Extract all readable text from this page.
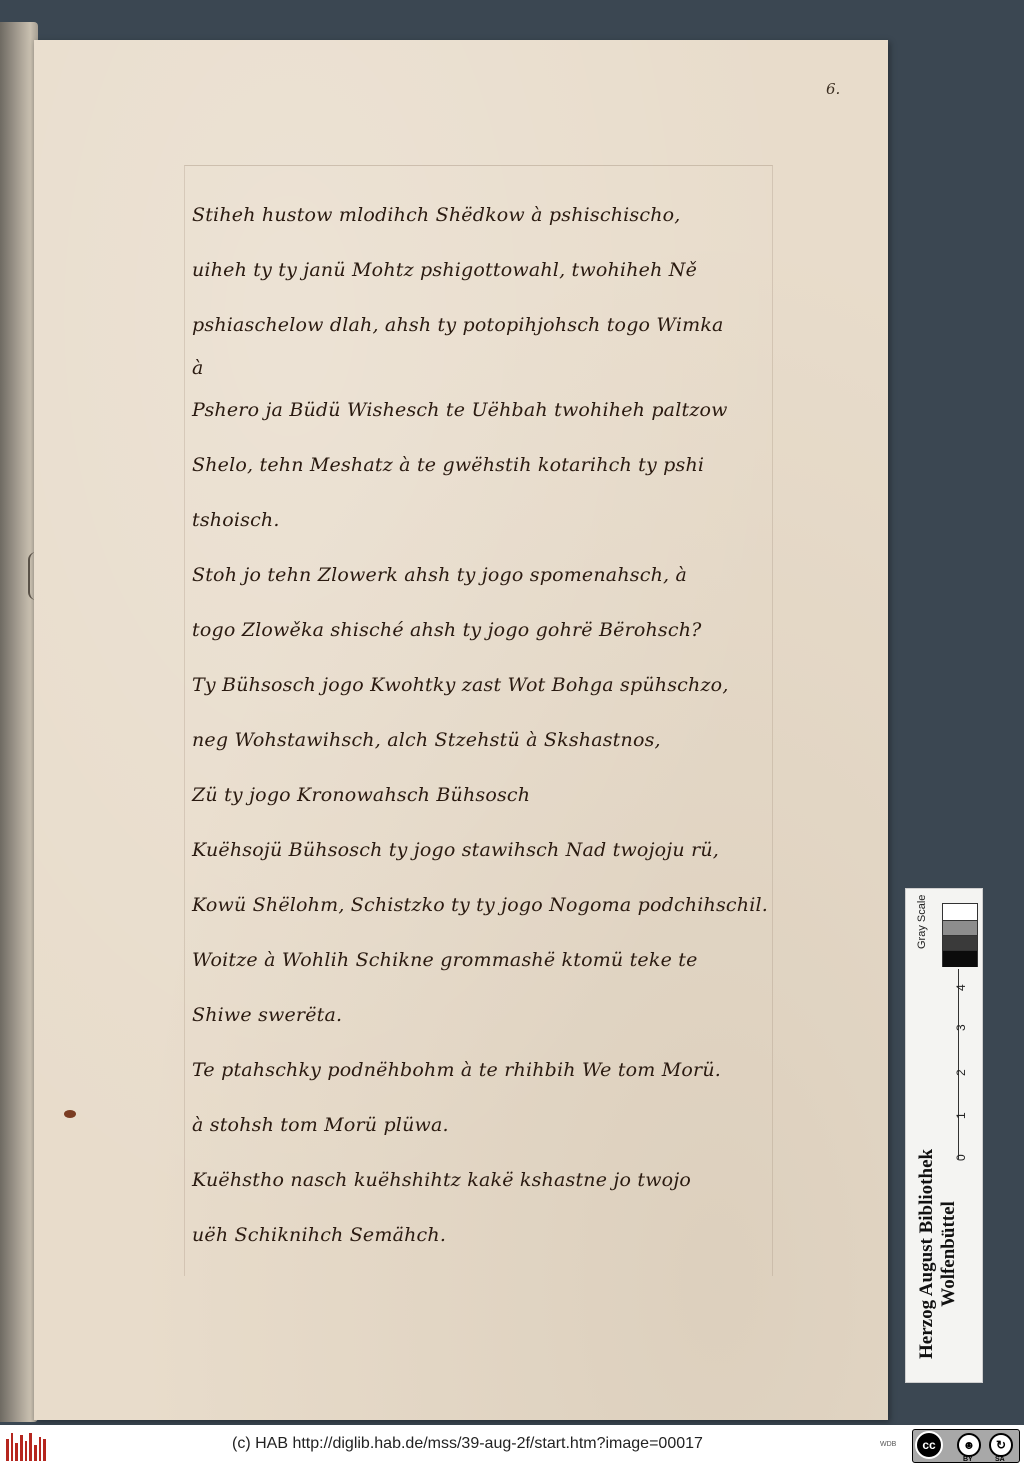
6.
Stiheh hustow mlodihch Shëdkow à pshischischo,
uiheh ty ty janü Mohtz pshigottowahl, twohiheh Ně
pshiaschelow dlah, ahsh ty potopihjohsch togo Wimka
à
Pshero ja Büdü Wishesch te Uëhbah twohiheh paltzow
Shelo, tehn Meshatz à te gwëhstih kotarihch ty pshi
tshoisch.
Stoh jo tehn Zlowerk ahsh ty jogo spomenahsch, à
togo Zlowěka shisché ahsh ty jogo gohrë Bërohsch?
Ty Bühsosch jogo Kwohtky zast Wot Bohga spühschzo,
neg Wohstawihsch, alch Stzehstü à Skshastnos,
Zü ty jogo Kronowahsch Bühsosch
Kuëhsojü Bühsosch ty jogo stawihsch Nad twojoju rü,
Kowü Shëlohm, Schistzko ty ty jogo Nogoma podchihschil.
Woitze à Wohlih Schikne grommashë ktomü teke te
Shiwe swerëta.
Te ptahschky podnëhbohm à te rhihbih We tom Morü.
à stohsh tom Morü plüwa.
Kuëhstho nasch kuëhshihtz kakë kshastne jo twojo
uëh Schiknihch Semähch.
Gray Scale
4
3
2
1
0
Herzog August Bibliothek Wolfenbüttel
(c) HAB http://diglib.hab.de/mss/39-aug-2f/start.htm?image=00017	WDB	cc	☻	↻
BY	SA
